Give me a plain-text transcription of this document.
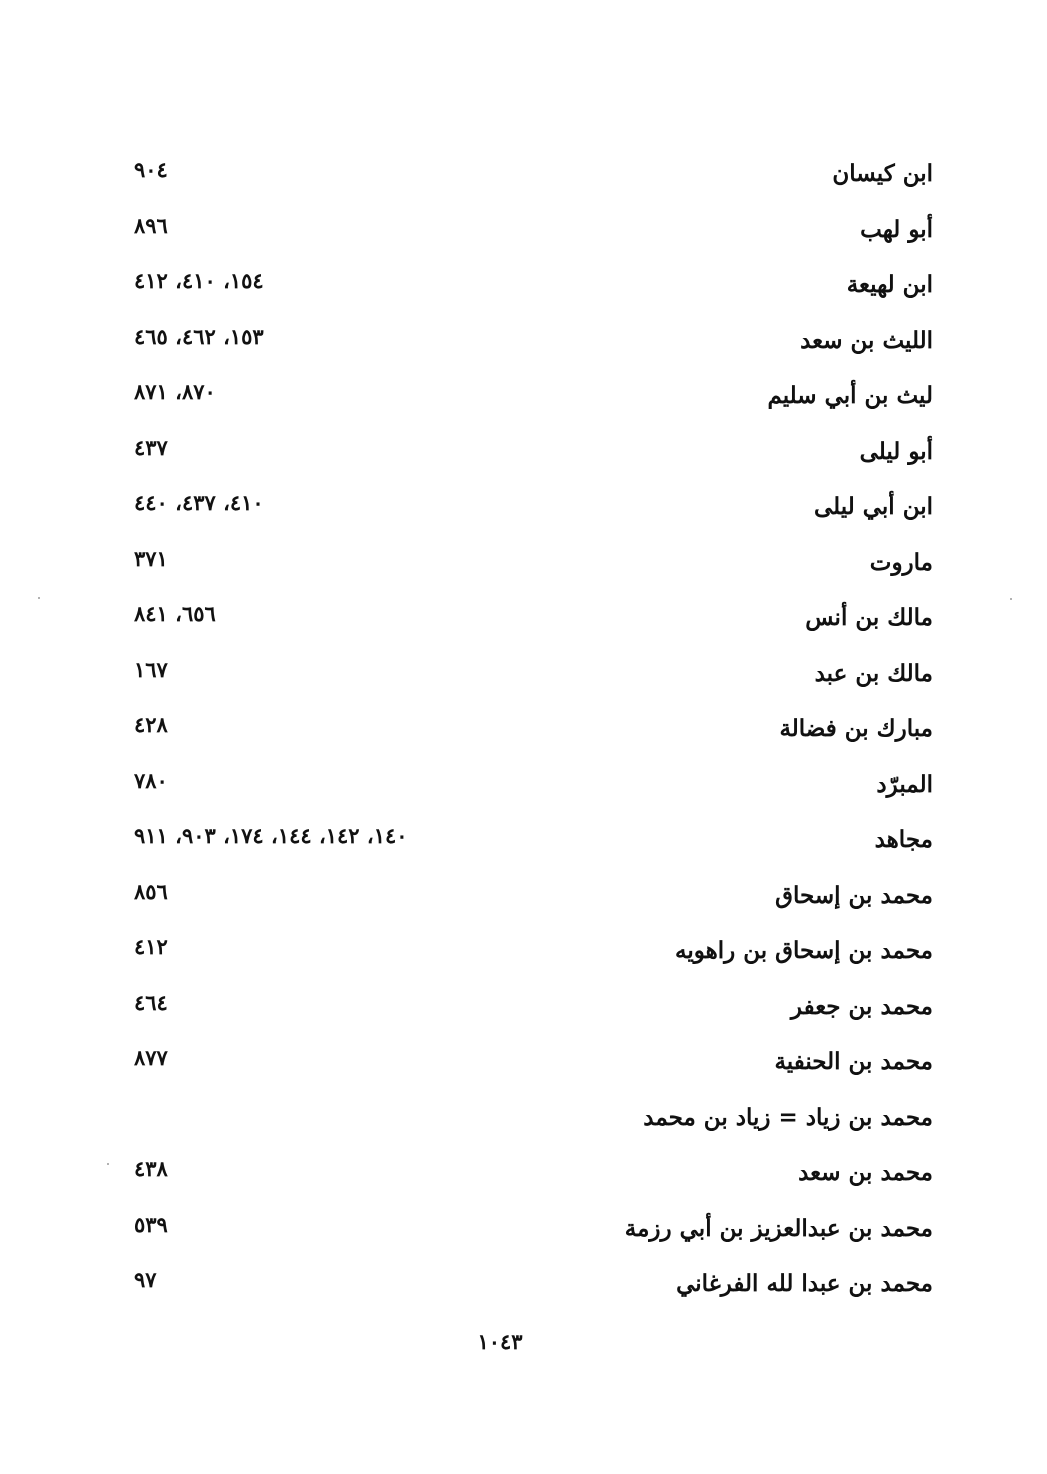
ابن كيسان
٩٠٤
أبو لهب
٨٩٦
ابن لهيعة
١٥٤، ٤١٠، ٤١٢
الليث بن سعد
١٥٣، ٤٦٢، ٤٦٥
ليث بن أبي سليم
٨٧٠، ٨٧١
أبو ليلى
٤٣٧
ابن أبي ليلى
٤١٠، ٤٣٧، ٤٤٠
ماروت
٣٧١
مالك بن أنس
٦٥٦، ٨٤١
مالك بن عبد
١٦٧
مبارك بن فضالة
٤٢٨
المبرّد
٧٨٠
مجاهد
١٤٠، ١٤٢، ١٤٤، ١٧٤، ٩٠٣، ٩١١
محمد بن إسحاق
٨٥٦
محمد بن إسحاق بن راهويه
٤١٢
محمد بن جعفر
٤٦٤
محمد بن الحنفية
٨٧٧
محمد بن زياد = زياد بن محمد
محمد بن سعد
٤٣٨
محمد بن عبدالعزيز بن أبي رزمة
٥٣٩
محمد بن عبدا لله الفرغاني
٩٧
١٠٤٣
